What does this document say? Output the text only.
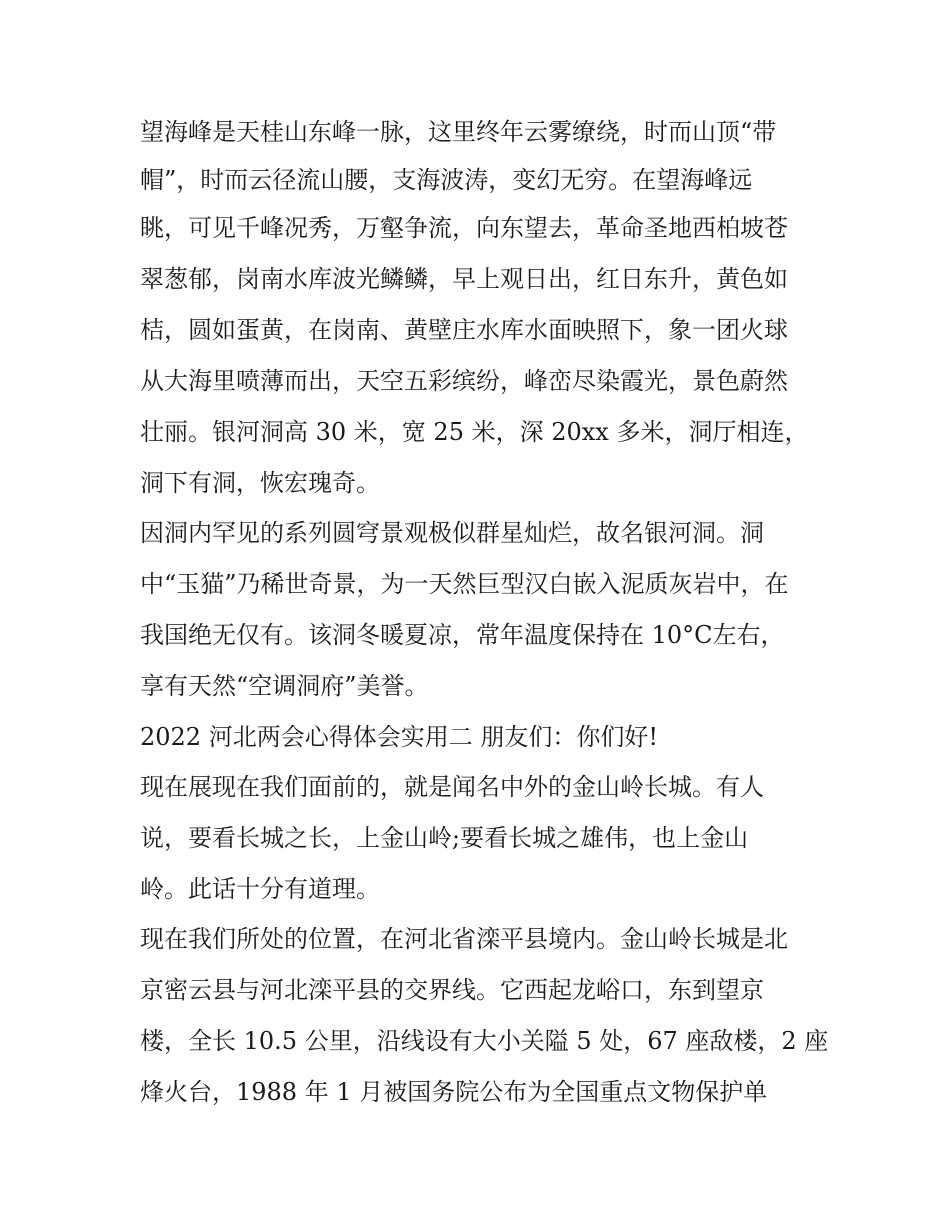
望海峰是天桂山东峰一脉，这里终年云雾缭绕，时而山顶“带
帽”，时而云径流山腰，支海波涛，变幻无穷。在望海峰远
眺，可见千峰况秀，万壑争流，向东望去，革命圣地西柏坡苍
翠葱郁，岗南水库波光鳞鳞，早上观日出，红日东升，黄色如
桔，圆如蛋黄，在岗南、黄壁庄水库水面映照下，象一团火球
从大海里喷薄而出，天空五彩缤纷，峰峦尽染霞光，景色蔚然
壮丽。银河洞高 30 米，宽 25 米，深 20xx 多米，洞厅相连，
洞下有洞，恢宏瑰奇。
因洞内罕见的系列圆穹景观极似群星灿烂，故名银河洞。洞
中“玉猫”乃稀世奇景，为一天然巨型汉白嵌入泥质灰岩中，在
我国绝无仅有。该洞冬暖夏凉，常年温度保持在 10°C左右，
享有天然“空调洞府”美誉。
2022 河北两会心得体会实用二 朋友们：你们好!
现在展现在我们面前的，就是闻名中外的金山岭长城。有人
说，要看长城之长，上金山岭;要看长城之雄伟，也上金山
岭。此话十分有道理。
现在我们所处的位置，在河北省滦平县境内。金山岭长城是北
京密云县与河北滦平县的交界线。它西起龙峪口，东到望京
楼，全长 10.5 公里，沿线设有大小关隘 5 处，67 座敌楼，2 座
烽火台，1988 年 1 月被国务院公布为全国重点文物保护单
